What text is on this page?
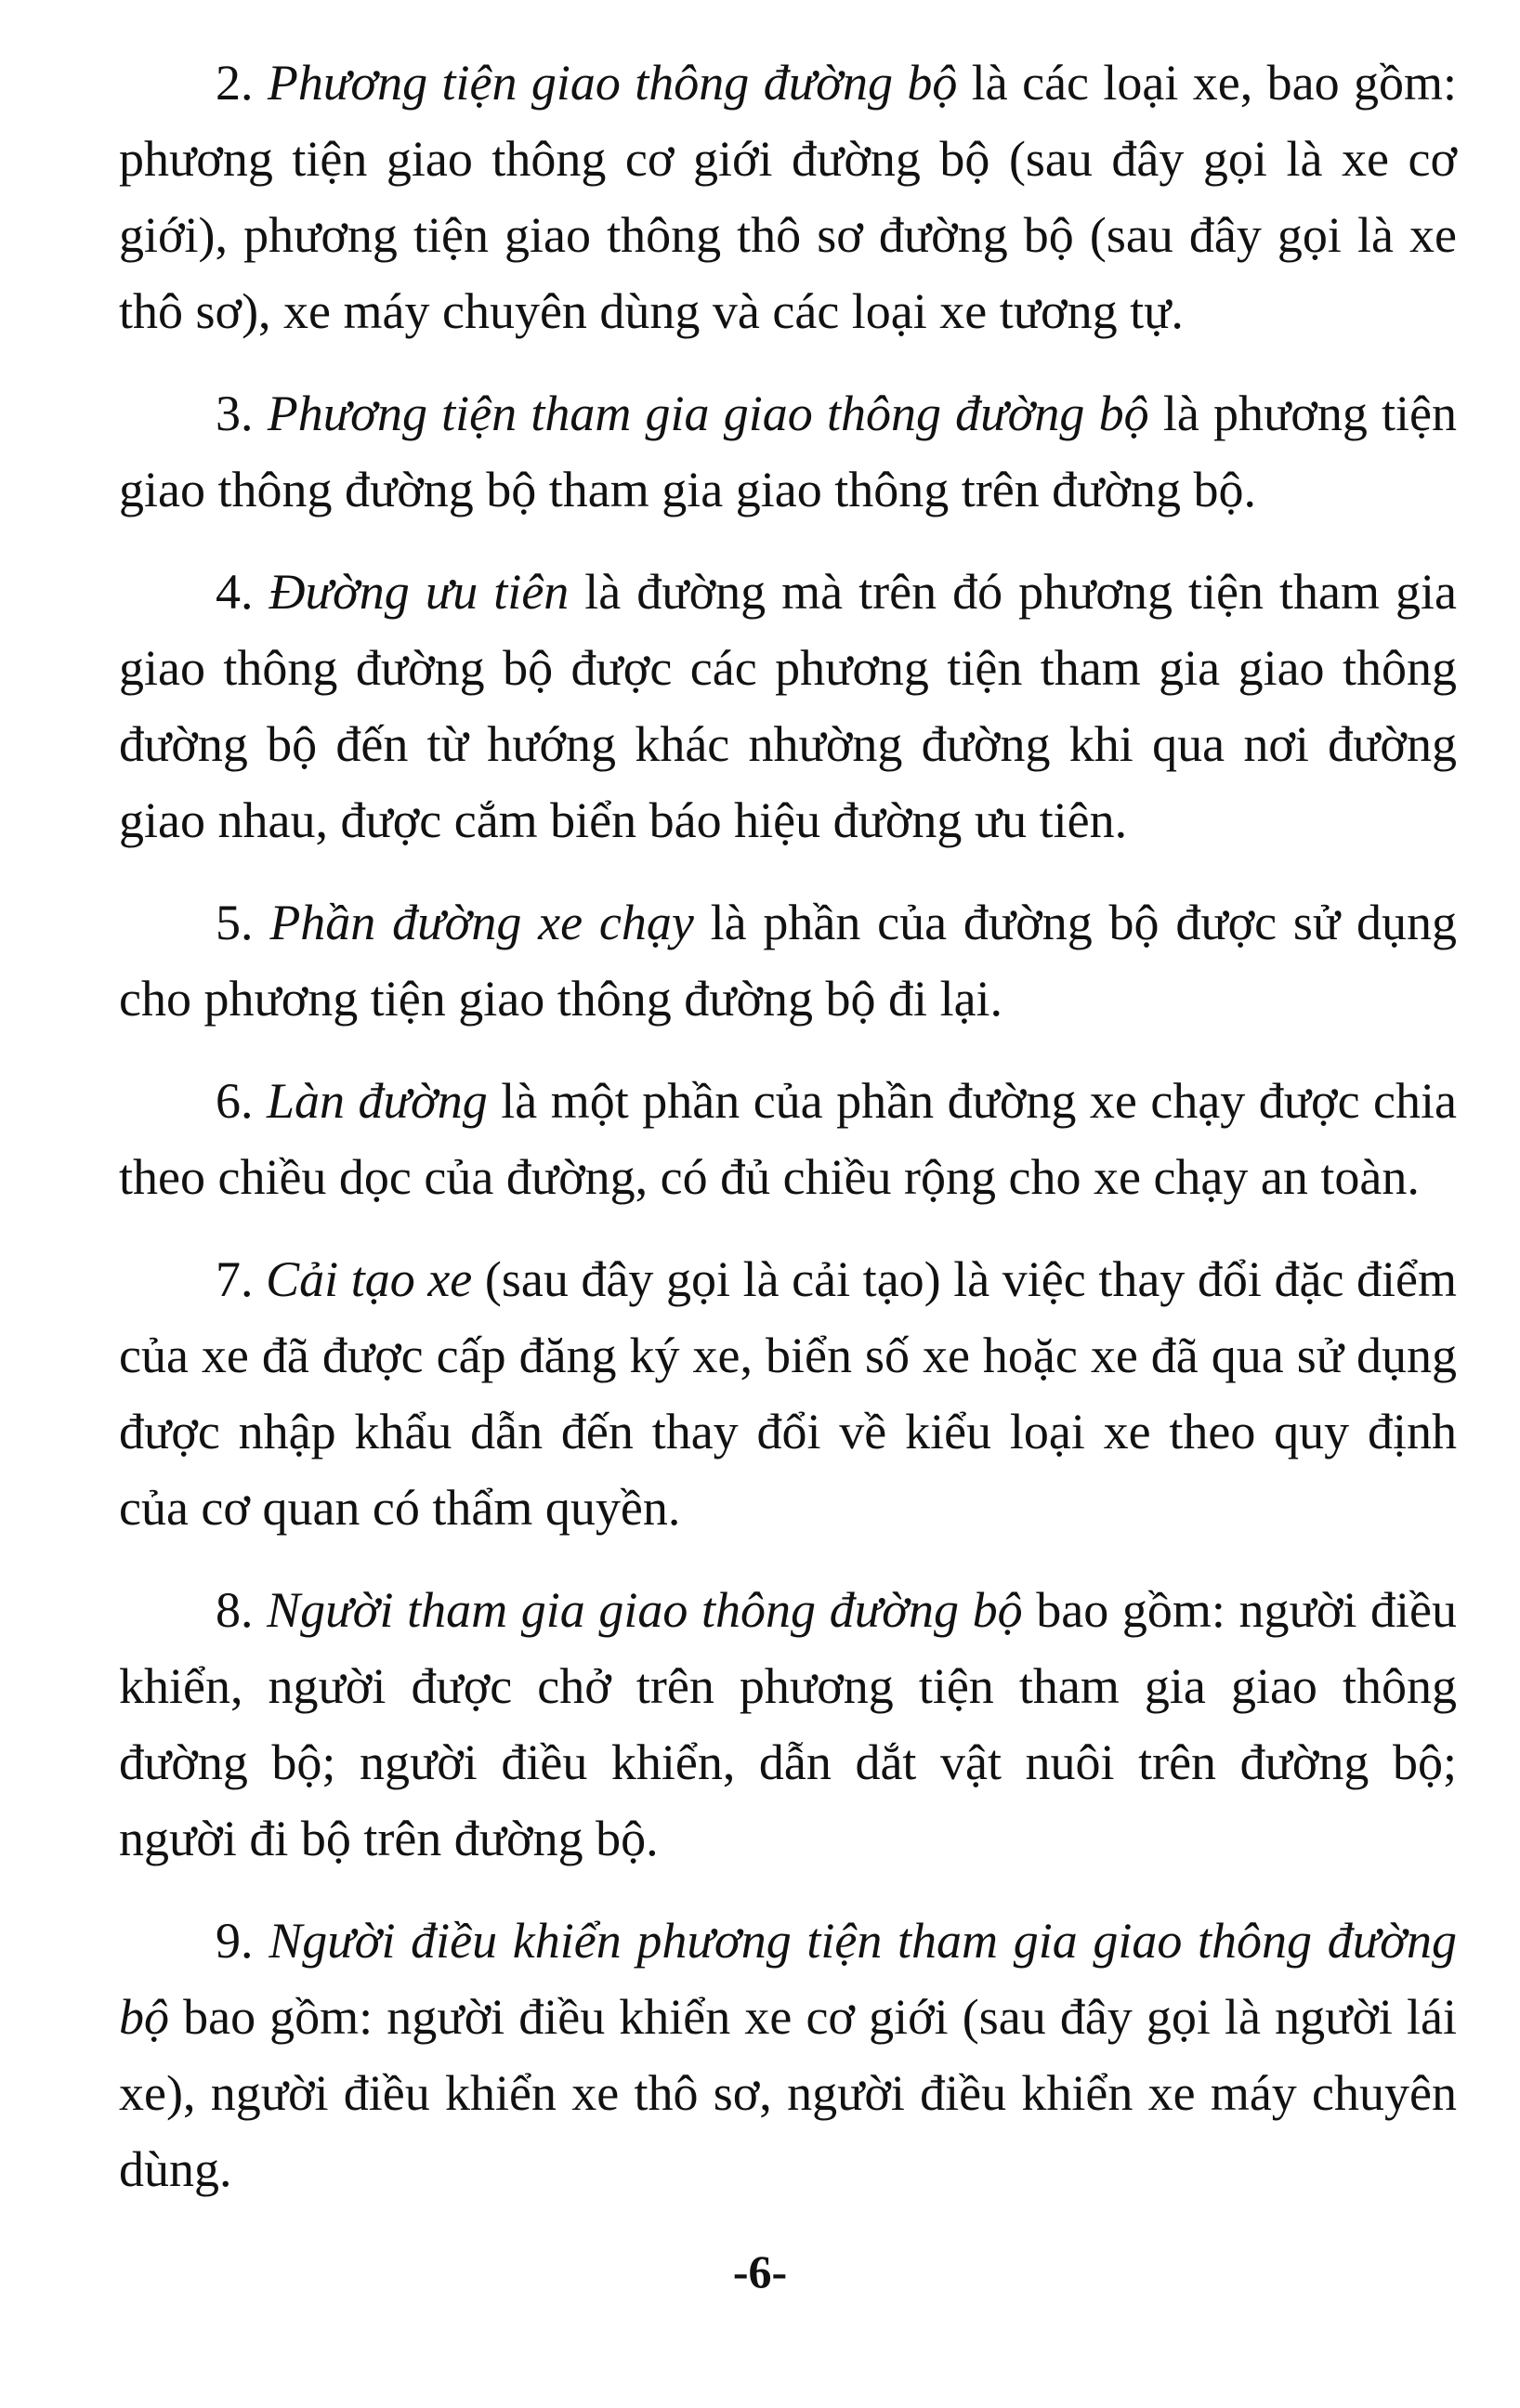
2. Phương tiện giao thông đường bộ là các loại xe, bao gồm: phương tiện giao thông cơ giới đường bộ (sau đây gọi là xe cơ giới), phương tiện giao thông thô sơ đường bộ (sau đây gọi là xe thô sơ), xe máy chuyên dùng và các loại xe tương tự.

3. Phương tiện tham gia giao thông đường bộ là phương tiện giao thông đường bộ tham gia giao thông trên đường bộ.

4. Đường ưu tiên là đường mà trên đó phương tiện tham gia giao thông đường bộ được các phương tiện tham gia giao thông đường bộ đến từ hướng khác nhường đường khi qua nơi đường giao nhau, được cắm biển báo hiệu đường ưu tiên.

5. Phần đường xe chạy là phần của đường bộ được sử dụng cho phương tiện giao thông đường bộ đi lại.

6. Làn đường là một phần của phần đường xe chạy được chia theo chiều dọc của đường, có đủ chiều rộng cho xe chạy an toàn.

7. Cải tạo xe (sau đây gọi là cải tạo) là việc thay đổi đặc điểm của xe đã được cấp đăng ký xe, biển số xe hoặc xe đã qua sử dụng được nhập khẩu dẫn đến thay đổi về kiểu loại xe theo quy định của cơ quan có thẩm quyền.

8. Người tham gia giao thông đường bộ bao gồm: người điều khiển, người được chở trên phương tiện tham gia giao thông đường bộ; người điều khiển, dẫn dắt vật nuôi trên đường bộ; người đi bộ trên đường bộ.

9. Người điều khiển phương tiện tham gia giao thông đường bộ bao gồm: người điều khiển xe cơ giới (sau đây gọi là người lái xe), người điều khiển xe thô sơ, người điều khiển xe máy chuyên dùng.

-6-
